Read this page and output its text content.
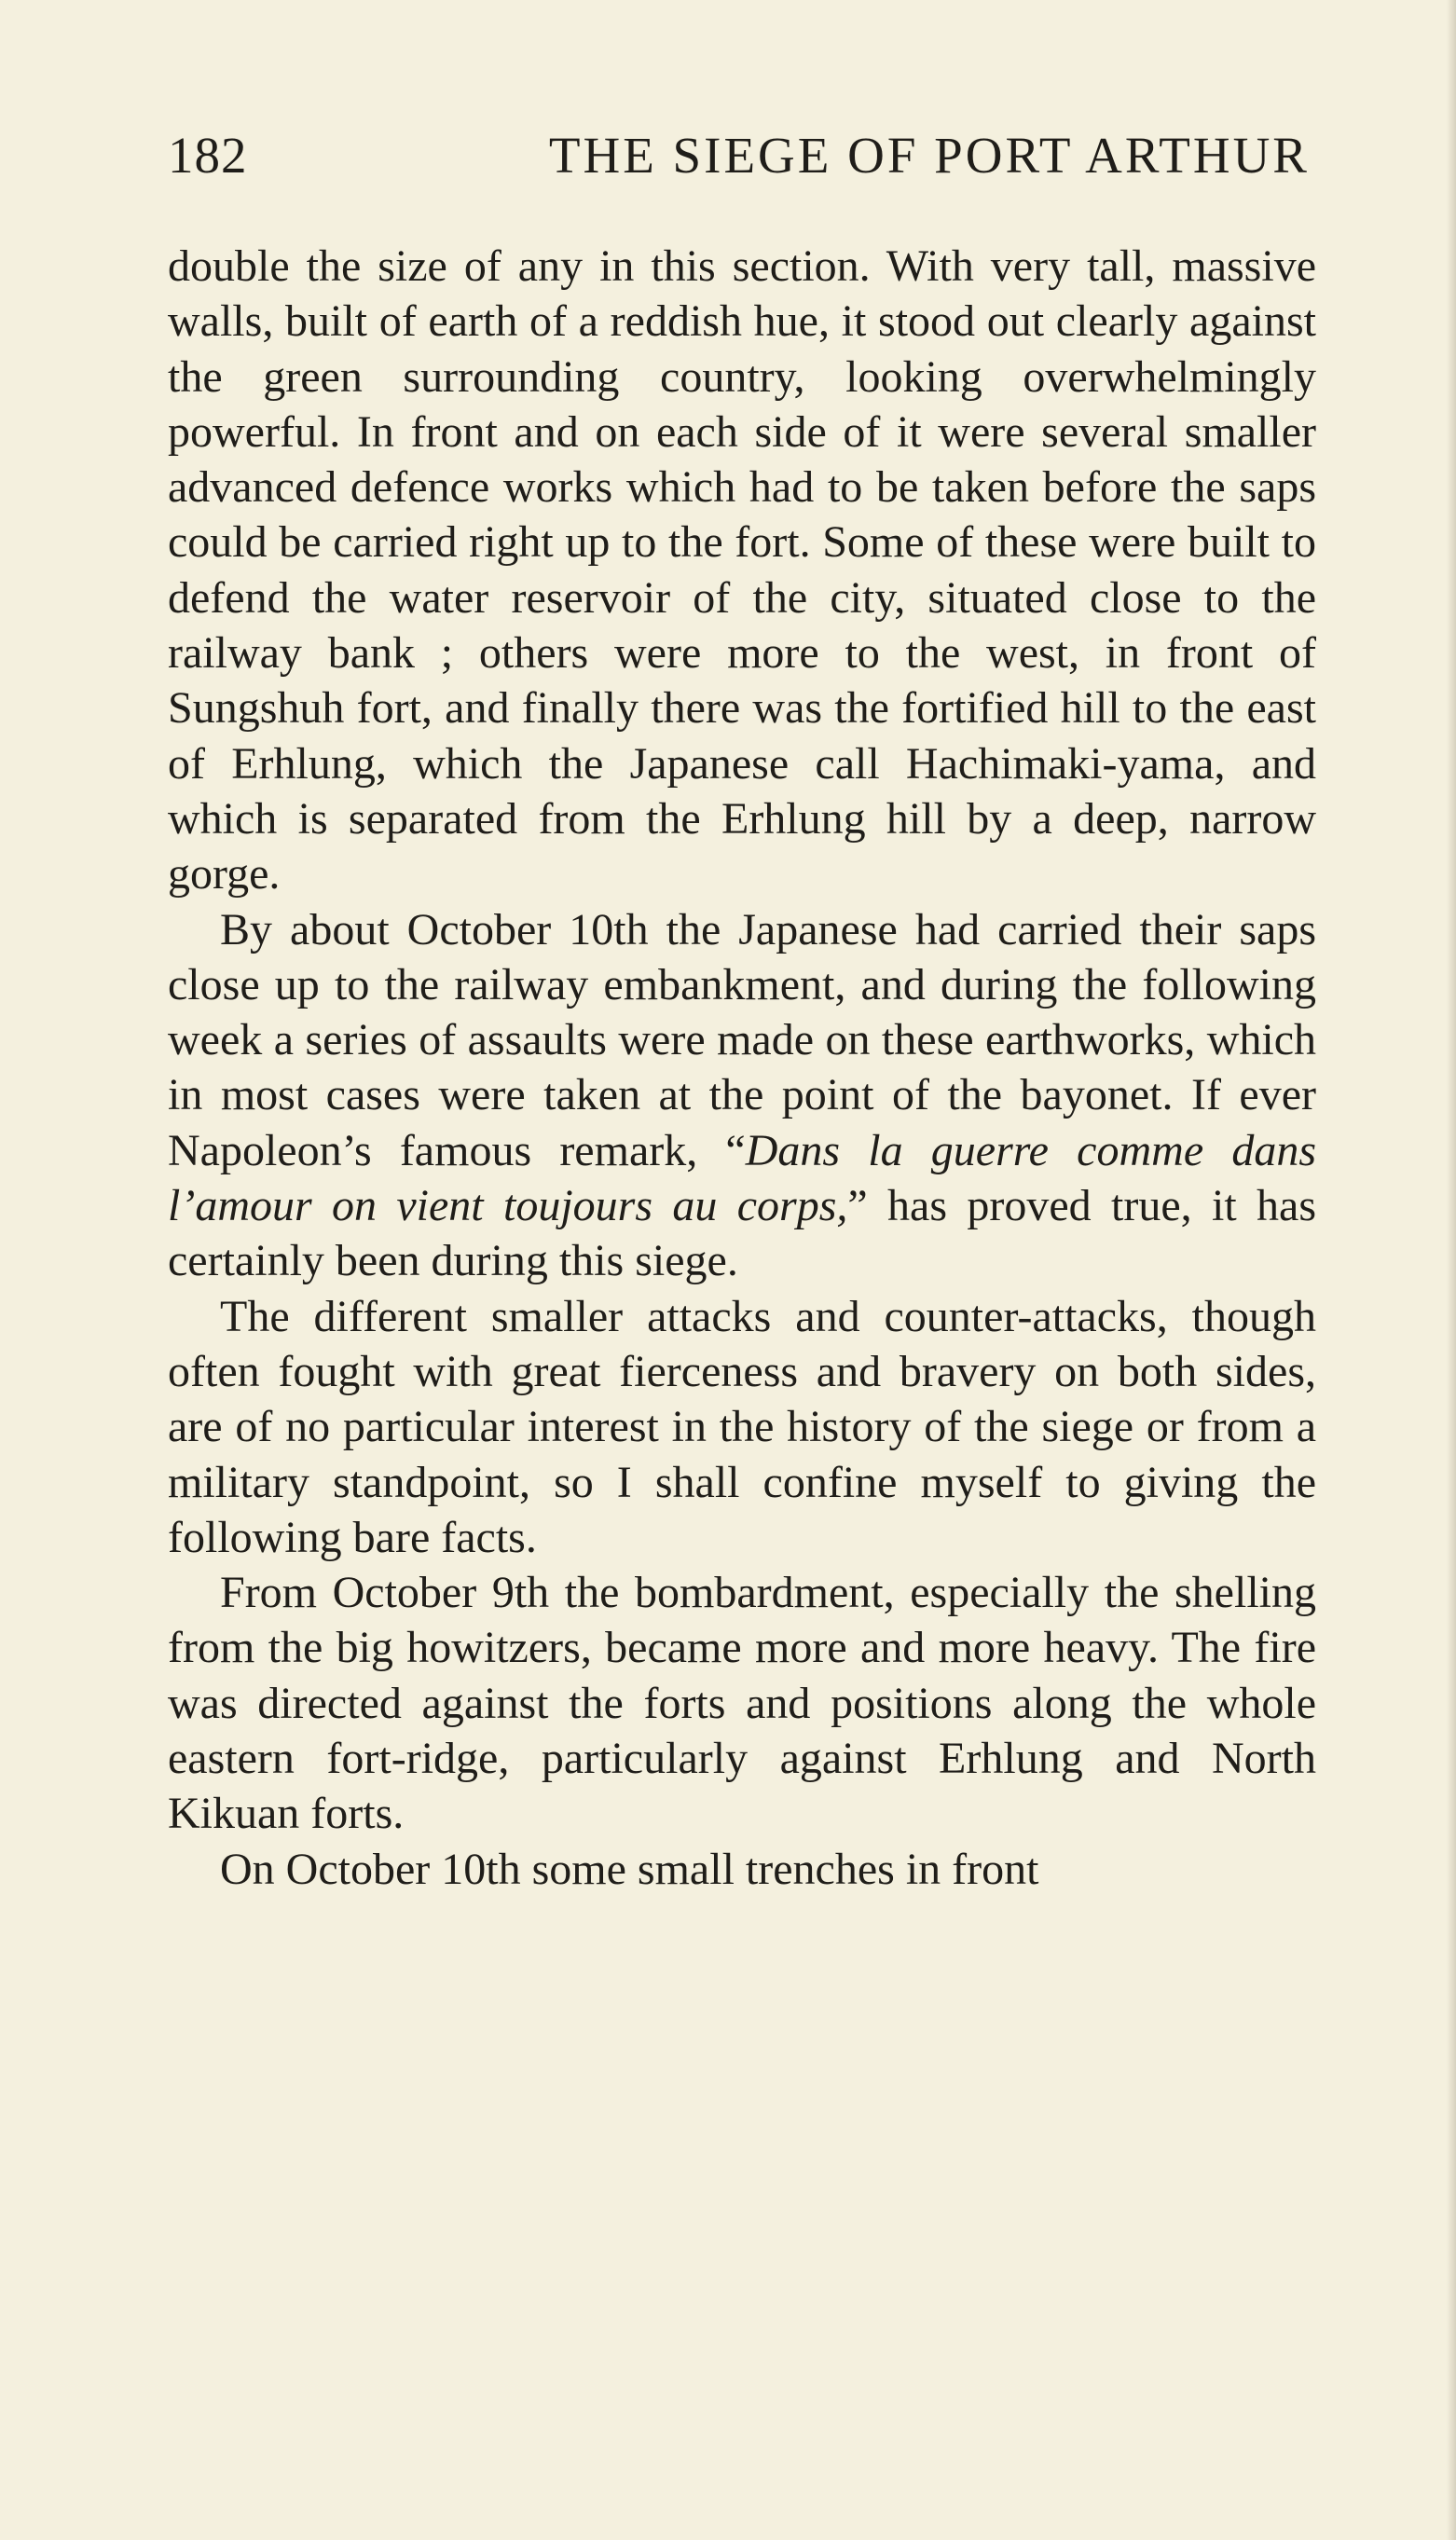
182	THE SIEGE OF PORT ARTHUR

double the size of any in this section. With very tall, massive walls, built of earth of a reddish hue, it stood out clearly against the green surrounding country, looking overwhelmingly powerful. In front and on each side of it were several smaller advanced defence works which had to be taken before the saps could be carried right up to the fort. Some of these were built to defend the water reservoir of the city, situated close to the railway bank ; others were more to the west, in front of Sungshuh fort, and finally there was the fortified hill to the east of Erhlung, which the Japanese call Hachimaki-yama, and which is separated from the Erhlung hill by a deep, narrow gorge.

By about October 10th the Japanese had carried their saps close up to the railway embankment, and during the following week a series of assaults were made on these earthworks, which in most cases were taken at the point of the bayonet. If ever Napoleon’s famous remark, “Dans la guerre comme dans l’amour on vient toujours au corps,” has proved true, it has certainly been during this siege.

The different smaller attacks and counter-attacks, though often fought with great fierceness and bravery on both sides, are of no particular interest in the history of the siege or from a military standpoint, so I shall confine myself to giving the following bare facts.

From October 9th the bombardment, especially the shelling from the big howitzers, became more and more heavy. The fire was directed against the forts and positions along the whole eastern fort-ridge, particularly against Erhlung and North Kikuan forts.

On October 10th some small trenches in front
